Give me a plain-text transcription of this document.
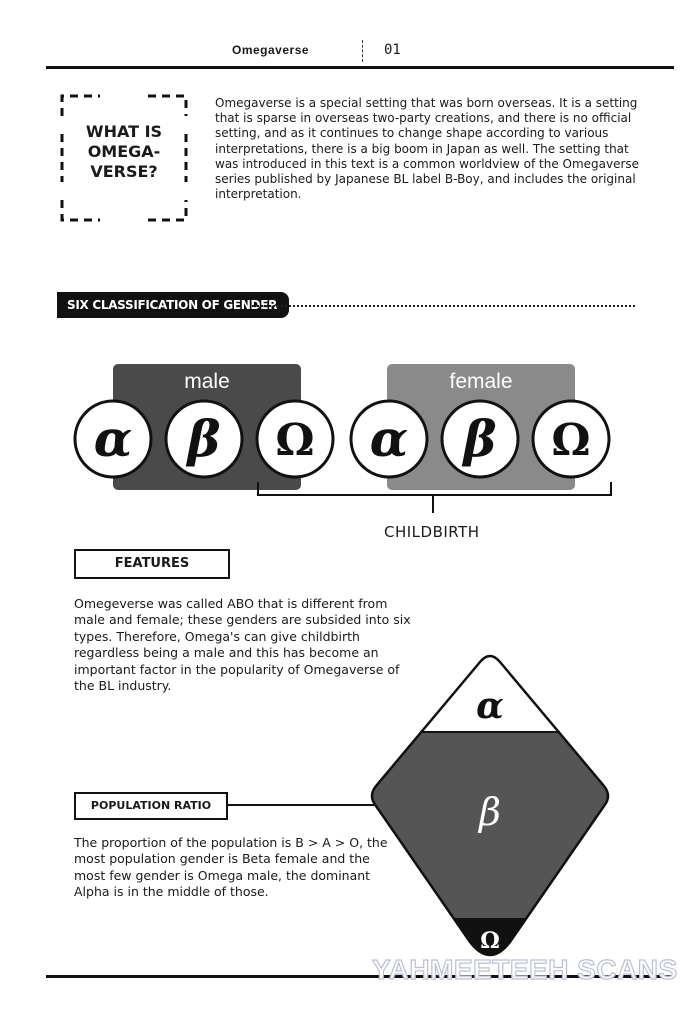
Omegaverse	01
WHAT IS
OMEGA-
VERSE?
Omegaverse is a special setting that was born overseas. It is a setting that is sparse in overseas two-party creations, and there is no official setting, and as it continues to change shape according to various interpretations, there is a big boom in Japan as well. The setting that was introduced in this text is a common worldview of the Omegaverse series published by Japanese BL label B-Boy, and includes the original interpretation.
SIX CLASSIFICATION OF GENDER
α β Ω α β Ω
male	female
CHILDBIRTH
FEATURES
Omegeverse was called ABO that is different from male and female; these genders are subsided into six types. Therefore, Omega's can give childbirth regardless being a male and this has become an important factor in the popularity of Omegaverse of the BL industry.
POPULATION RATIO
The proportion of the population is B > A > O, the most population gender is Beta female and the most few gender is Omega male, the dominant Alpha is in the middle of those.
α
β
Ω
YAHMEETEEH SCANS
